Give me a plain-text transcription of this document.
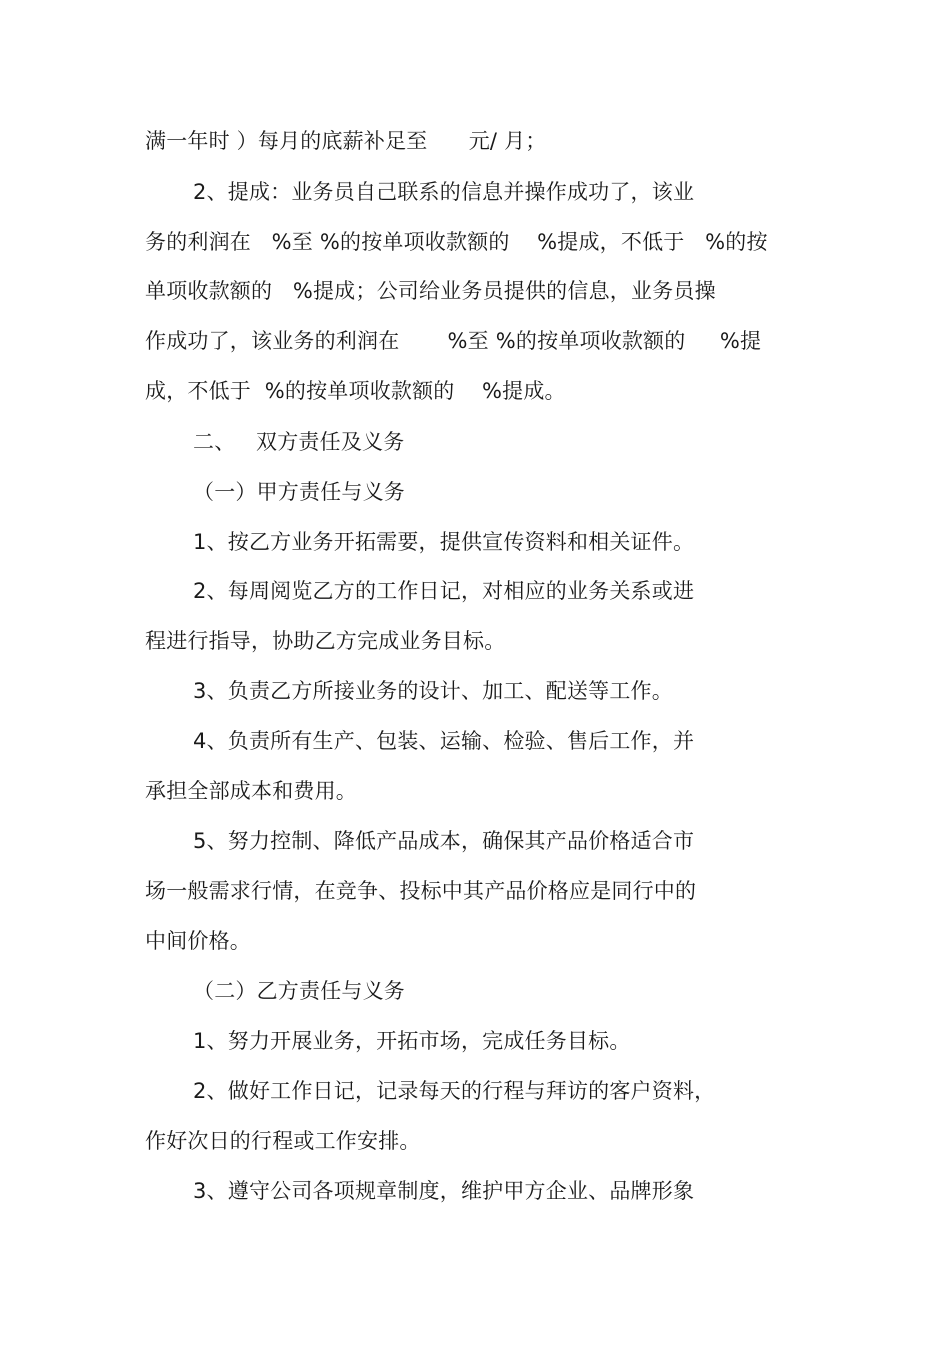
满一年时 ）每月的底薪补足至      元/ 月；
2、提成：业务员自己联系的信息并操作成功了，该业
务的利润在   %至 %的按单项收款额的    %提成，不低于   %的按
单项收款额的   %提成；公司给业务员提供的信息，业务员操
作成功了，该业务的利润在       %至 %的按单项收款额的     %提
成，不低于  %的按单项收款额的    %提成。
二、   双方责任及义务
（一）甲方责任与义务
1、按乙方业务开拓需要，提供宣传资料和相关证件。
2、每周阅览乙方的工作日记，对相应的业务关系或进
程进行指导，协助乙方完成业务目标。
3、负责乙方所接业务的设计、加工、配送等工作。
4、负责所有生产、包装、运输、检验、售后工作，并
承担全部成本和费用。
5、努力控制、降低产品成本，确保其产品价格适合市
场一般需求行情，在竞争、投标中其产品价格应是同行中的
中间价格。
（二）乙方责任与义务
1、努力开展业务，开拓市场，完成任务目标。
2、做好工作日记，记录每天的行程与拜访的客户资料，
作好次日的行程或工作安排。
3、遵守公司各项规章制度，维护甲方企业、品牌形象
